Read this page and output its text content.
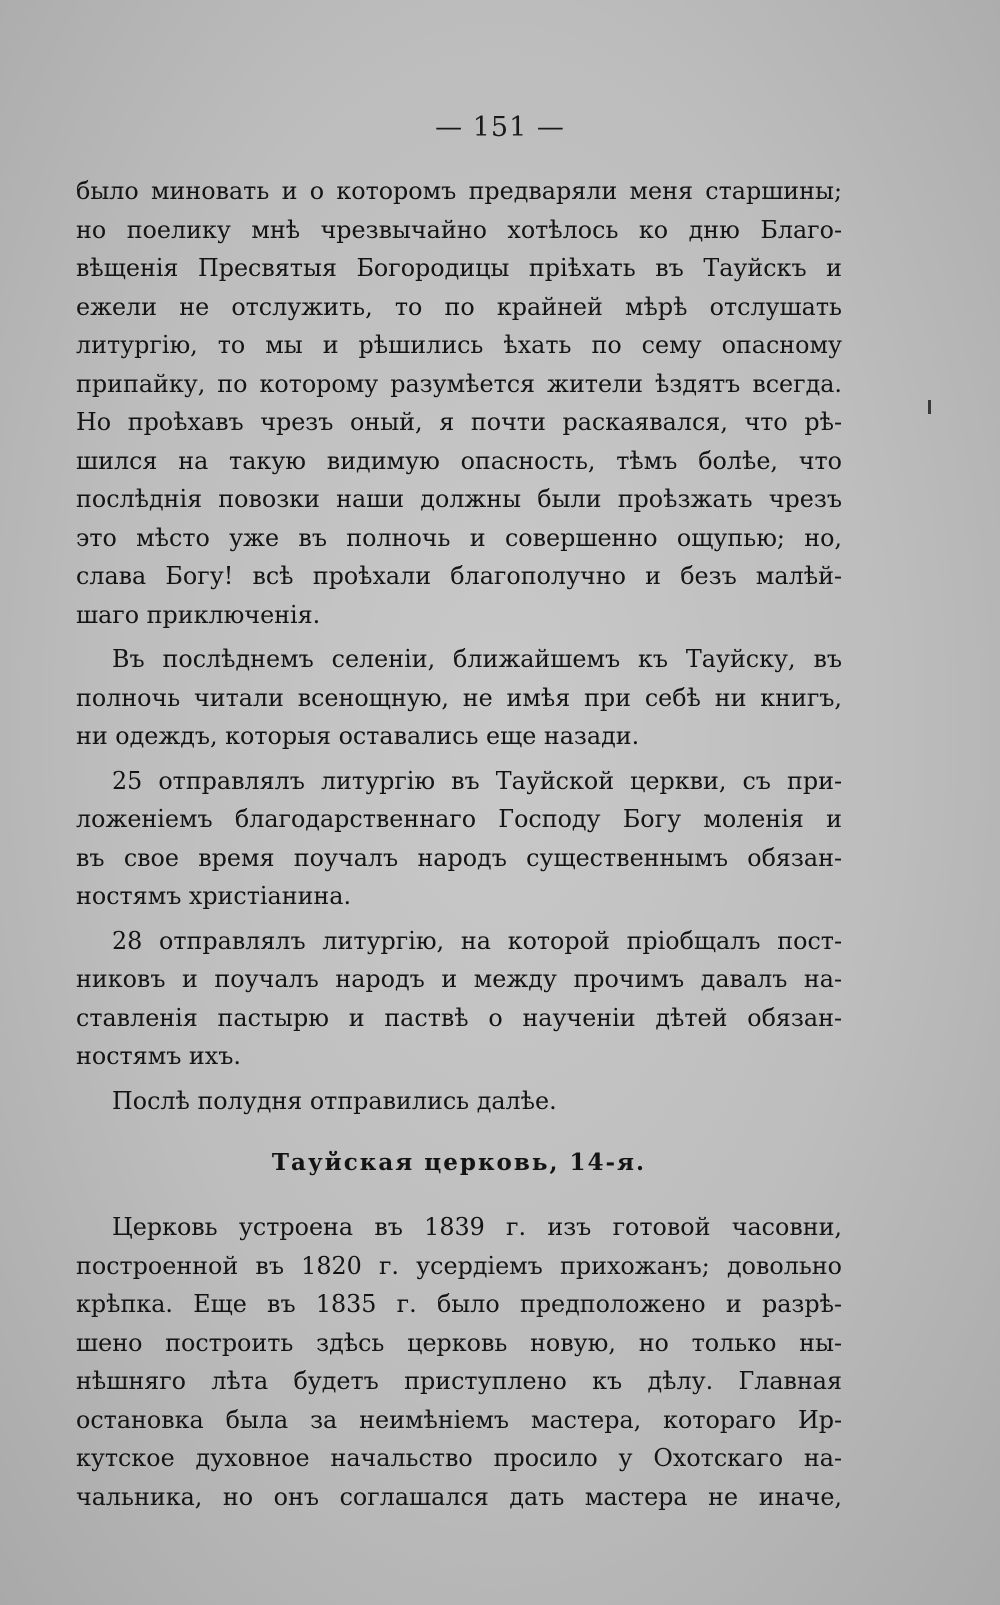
— 151 —
было миновать и о которомъ предваряли меня старшины;
но поелику мнѣ чрезвычайно хотѣлось ко дню Благо-
вѣщенія Пресвятыя Богородицы пріѣхать въ Тауйскъ и
ежели не отслужить, то по крайней мѣрѣ отслушать
литургію, то мы и рѣшились ѣхать по сему опасному
припайку, по которому разумѣется жители ѣздятъ всегда.
Но проѣхавъ чрезъ оный, я почти раскаявался, что рѣ-
шился на такую видимую опасность, тѣмъ болѣе, что
послѣднія повозки наши должны были проѣзжать чрезъ
это мѣсто уже въ полночь и совершенно ощупью; но,
слава Богу! всѣ проѣхали благополучно и безъ малѣй-
шаго приключенія.
Въ послѣднемъ селеніи, ближайшемъ къ Тауйску, въ
полночь читали всенощную, не имѣя при себѣ ни книгъ,
ни одеждъ, которыя оставались еще назади.
25 отправлялъ литургію въ Тауйской церкви, съ при-
ложеніемъ благодарственнаго Господу Богу моленія и
въ свое время поучалъ народъ существеннымъ обязан-
ностямъ христіанина.
28 отправлялъ литургію, на которой пріобщалъ пост-
никовъ и поучалъ народъ и между прочимъ давалъ на-
ставленія пастырю и паствѣ о наученіи дѣтей обязан-
ностямъ ихъ.
Послѣ полудня отправились далѣе.
Тауйская церковь, 14-я.
Церковь устроена въ 1839 г. изъ готовой часовни,
построенной въ 1820 г. усердіемъ прихожанъ; довольно
крѣпка. Еще въ 1835 г. было предположено и разрѣ-
шено построить здѣсь церковь новую, но только ны-
нѣшняго лѣта будетъ приступлено къ дѣлу. Главная
остановка была за неимѣніемъ мастера, котораго Ир-
кутское духовное начальство просило у Охотскаго на-
чальника, но онъ соглашался дать мастера не иначе,
